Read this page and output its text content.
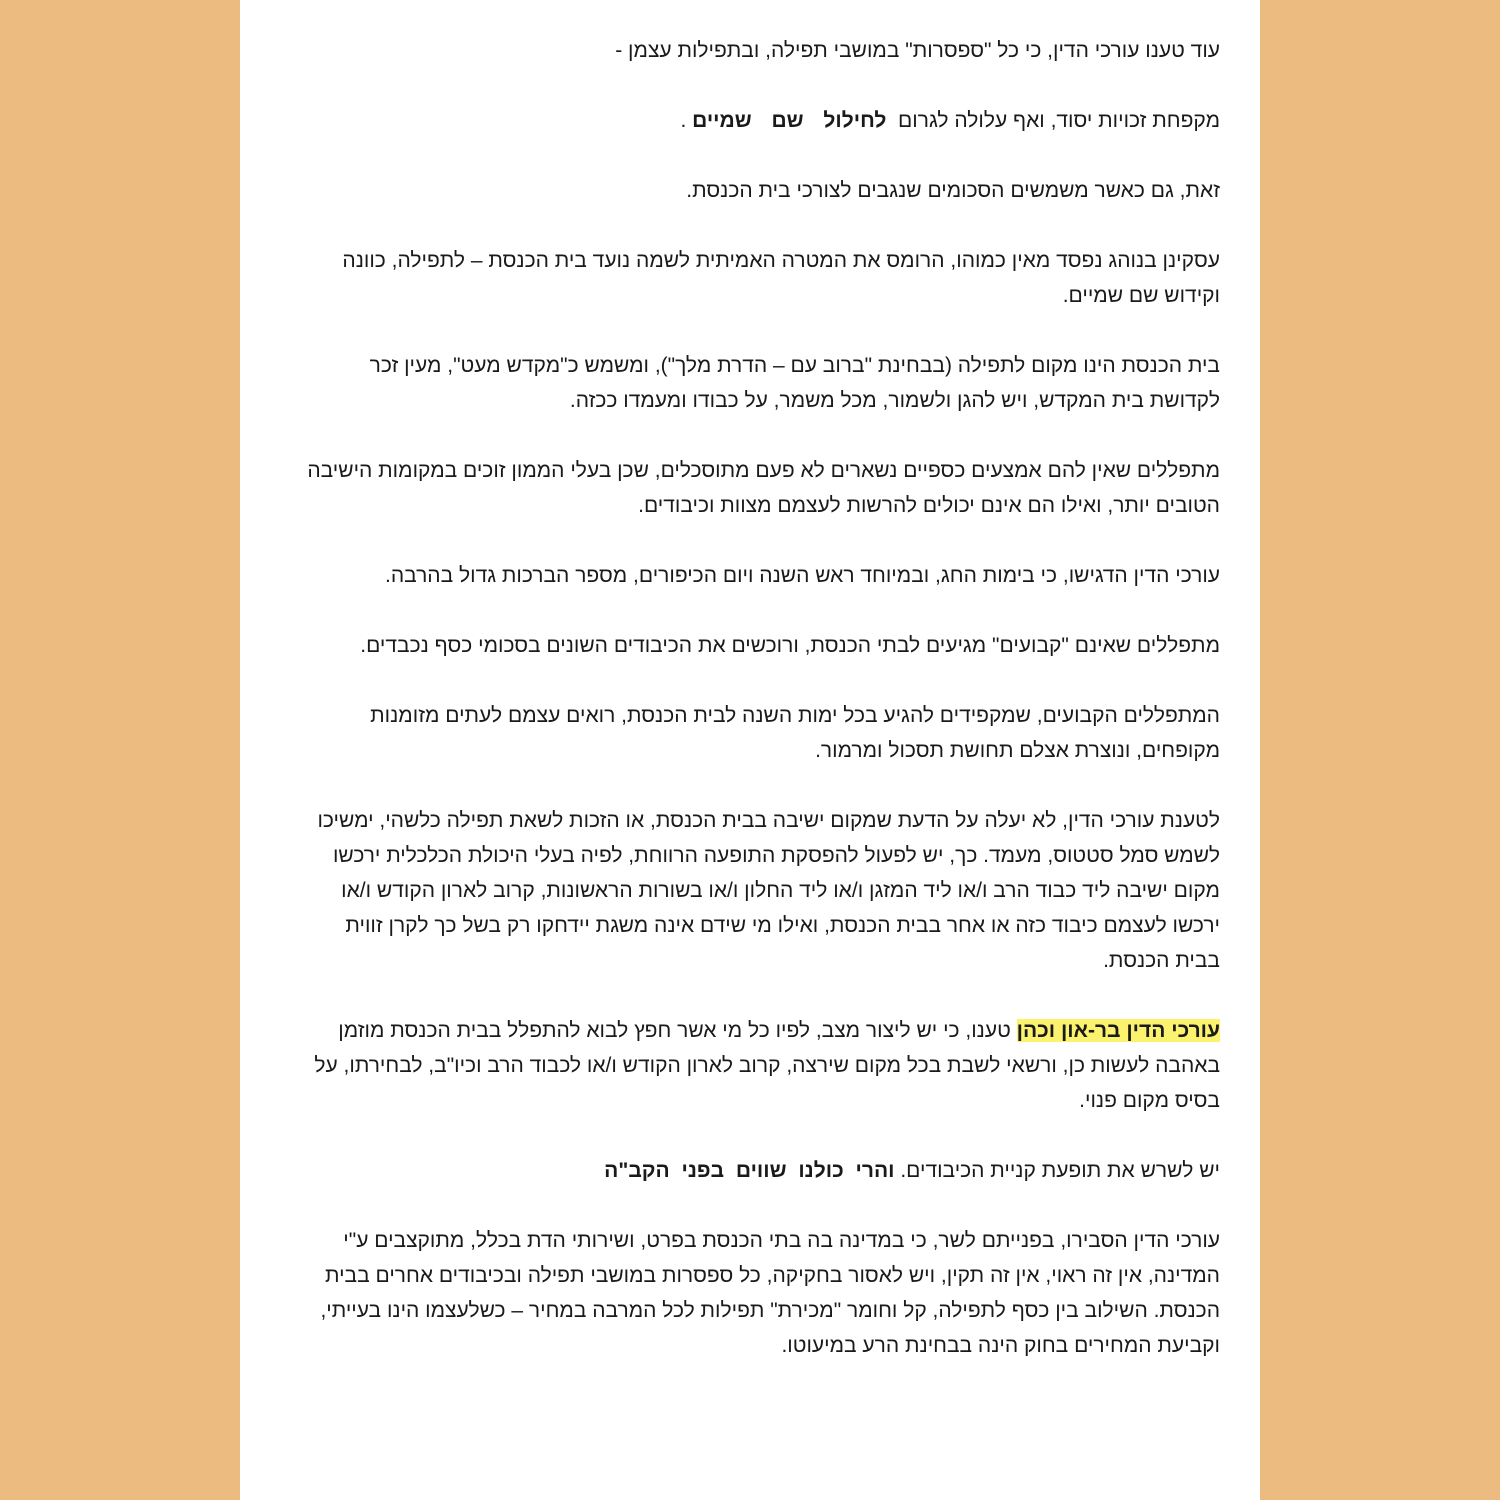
עוד טענו עורכי הדין, כי כל "ספסרות" במושבי תפילה, ובתפילות עצמן -

מקפחת זכויות יסוד, ואף עלולה לגרום  לחילול שם שמיים .

זאת, גם כאשר משמשים הסכומים שנגבים לצורכי בית הכנסת.

עסקינן בנוהג נפסד מאין כמוהו, הרומס את המטרה האמיתית לשמה נועד בית הכנסת – לתפילה, כוונה וקידוש שם שמיים.

בית הכנסת הינו מקום לתפילה (בבחינת "ברוב עם – הדרת מלך"), ומשמש כ"מקדש מעט", מעין זכר לקדושת בית המקדש, ויש להגן ולשמור, מכל משמר, על כבודו ומעמדו ככזה.

מתפללים שאין להם אמצעים כספיים נשארים לא פעם מתוסכלים, שכן בעלי הממון זוכים במקומות הישיבה הטובים יותר, ואילו הם אינם יכולים להרשות לעצמם מצוות וכיבודים.

עורכי הדין הדגישו, כי בימות החג, ובמיוחד ראש השנה ויום הכיפורים, מספר הברכות גדול בהרבה.

מתפללים שאינם "קבועים" מגיעים לבתי הכנסת, ורוכשים את הכיבודים השונים בסכומי כסף נכבדים.

המתפללים הקבועים, שמקפידים להגיע בכל ימות השנה לבית הכנסת, רואים עצמם לעתים מזומנות מקופחים, ונוצרת אצלם תחושת תסכול ומרמור.

לטענת עורכי הדין, לא יעלה על הדעת שמקום ישיבה בבית הכנסת, או הזכות לשאת תפילה כלשהי, ימשיכו לשמש סמל סטטוס, מעמד. כך, יש לפעול להפסקת התופעה הרווחת, לפיה בעלי היכולת הכלכלית ירכשו מקום ישיבה ליד כבוד הרב ו/או ליד המזגן ו/או ליד החלון ו/או בשורות הראשונות, קרוב לארון הקודש ו/או ירכשו לעצמם כיבוד כזה או אחר בבית הכנסת, ואילו מי שידם אינה משגת יידחקו רק בשל כך לקרן זווית בבית הכנסת.

עורכי הדין בר-און וכהן טענו, כי יש ליצור מצב, לפיו כל מי אשר חפץ לבוא להתפלל בבית הכנסת מוזמן באהבה לעשות כן, ורשאי לשבת בכל מקום שירצה, קרוב לארון הקודש ו/או לכבוד הרב וכיו"ב, לבחירתו, על בסיס מקום פנוי.

יש לשרש את תופעת קניית הכיבודים. והרי כולנו שווים בפני הקב"ה

עורכי הדין הסבירו, בפנייתם לשר, כי במדינה בה בתי הכנסת בפרט, ושירותי הדת בכלל, מתוקצבים ע"י המדינה, אין זה ראוי, אין זה תקין, ויש לאסור בחקיקה, כל ספסרות במושבי תפילה ובכיבודים אחרים בבית הכנסת. השילוב בין כסף לתפילה, קל וחומר "מכירת" תפילות לכל המרבה במחיר – כשלעצמו הינו בעייתי, וקביעת המחירים בחוק הינה בבחינת הרע במיעוטו.
